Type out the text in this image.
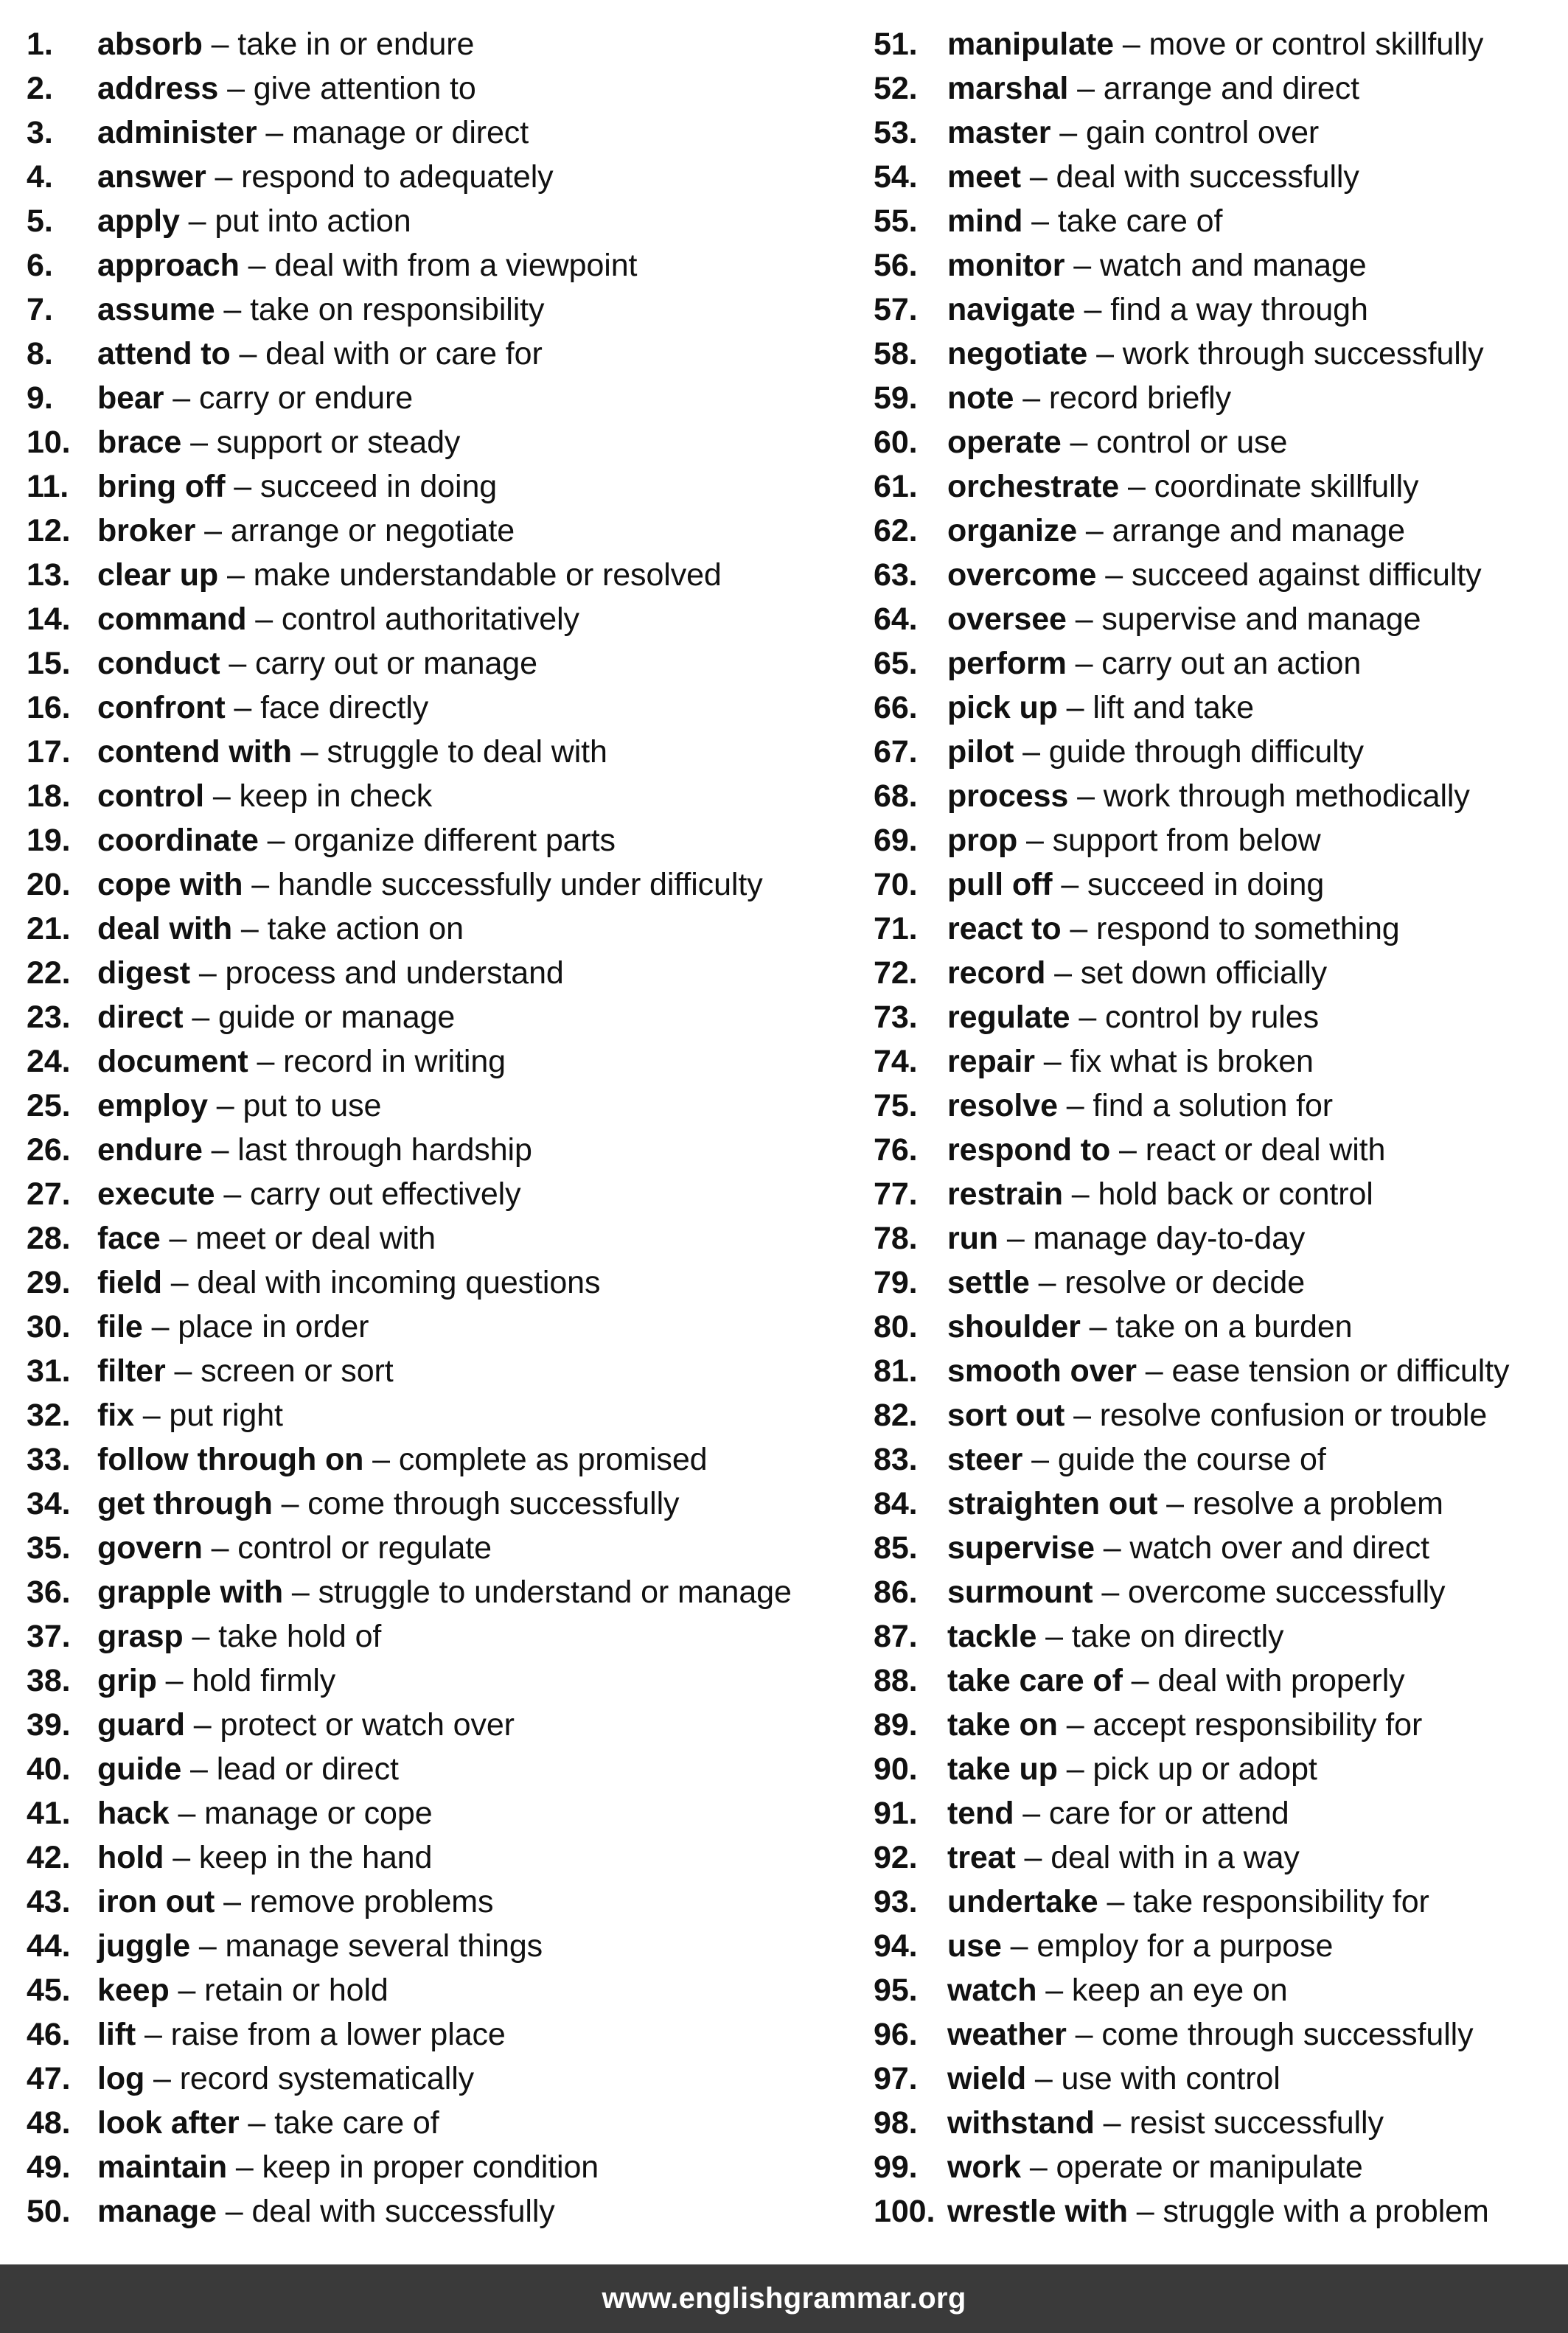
1. absorb – take in or endure
2. address – give attention to
3. administer – manage or direct
4. answer – respond to adequately
5. apply – put into action
6. approach – deal with from a viewpoint
7. assume – take on responsibility
8. attend to – deal with or care for
9. bear – carry or endure
10. brace – support or steady
11. bring off – succeed in doing
12. broker – arrange or negotiate
13. clear up – make understandable or resolved
14. command – control authoritatively
15. conduct – carry out or manage
16. confront – face directly
17. contend with – struggle to deal with
18. control – keep in check
19. coordinate – organize different parts
20. cope with – handle successfully under difficulty
21. deal with – take action on
22. digest – process and understand
23. direct – guide or manage
24. document – record in writing
25. employ – put to use
26. endure – last through hardship
27. execute – carry out effectively
28. face – meet or deal with
29. field – deal with incoming questions
30. file – place in order
31. filter – screen or sort
32. fix – put right
33. follow through on – complete as promised
34. get through – come through successfully
35. govern – control or regulate
36. grapple with – struggle to understand or manage
37. grasp – take hold of
38. grip – hold firmly
39. guard – protect or watch over
40. guide – lead or direct
41. hack – manage or cope
42. hold – keep in the hand
43. iron out – remove problems
44. juggle – manage several things
45. keep – retain or hold
46. lift – raise from a lower place
47. log – record systematically
48. look after – take care of
49. maintain – keep in proper condition
50. manage – deal with successfully
51. manipulate – move or control skillfully
52. marshal – arrange and direct
53. master – gain control over
54. meet – deal with successfully
55. mind – take care of
56. monitor – watch and manage
57. navigate – find a way through
58. negotiate – work through successfully
59. note – record briefly
60. operate – control or use
61. orchestrate – coordinate skillfully
62. organize – arrange and manage
63. overcome – succeed against difficulty
64. oversee – supervise and manage
65. perform – carry out an action
66. pick up – lift and take
67. pilot – guide through difficulty
68. process – work through methodically
69. prop – support from below
70. pull off – succeed in doing
71. react to – respond to something
72. record – set down officially
73. regulate – control by rules
74. repair – fix what is broken
75. resolve – find a solution for
76. respond to – react or deal with
77. restrain – hold back or control
78. run – manage day-to-day
79. settle – resolve or decide
80. shoulder – take on a burden
81. smooth over – ease tension or difficulty
82. sort out – resolve confusion or trouble
83. steer – guide the course of
84. straighten out – resolve a problem
85. supervise – watch over and direct
86. surmount – overcome successfully
87. tackle – take on directly
88. take care of – deal with properly
89. take on – accept responsibility for
90. take up – pick up or adopt
91. tend – care for or attend
92. treat – deal with in a way
93. undertake – take responsibility for
94. use – employ for a purpose
95. watch – keep an eye on
96. weather – come through successfully
97. wield – use with control
98. withstand – resist successfully
99. work – operate or manipulate
100. wrestle with – struggle with a problem
www.englishgrammar.org
